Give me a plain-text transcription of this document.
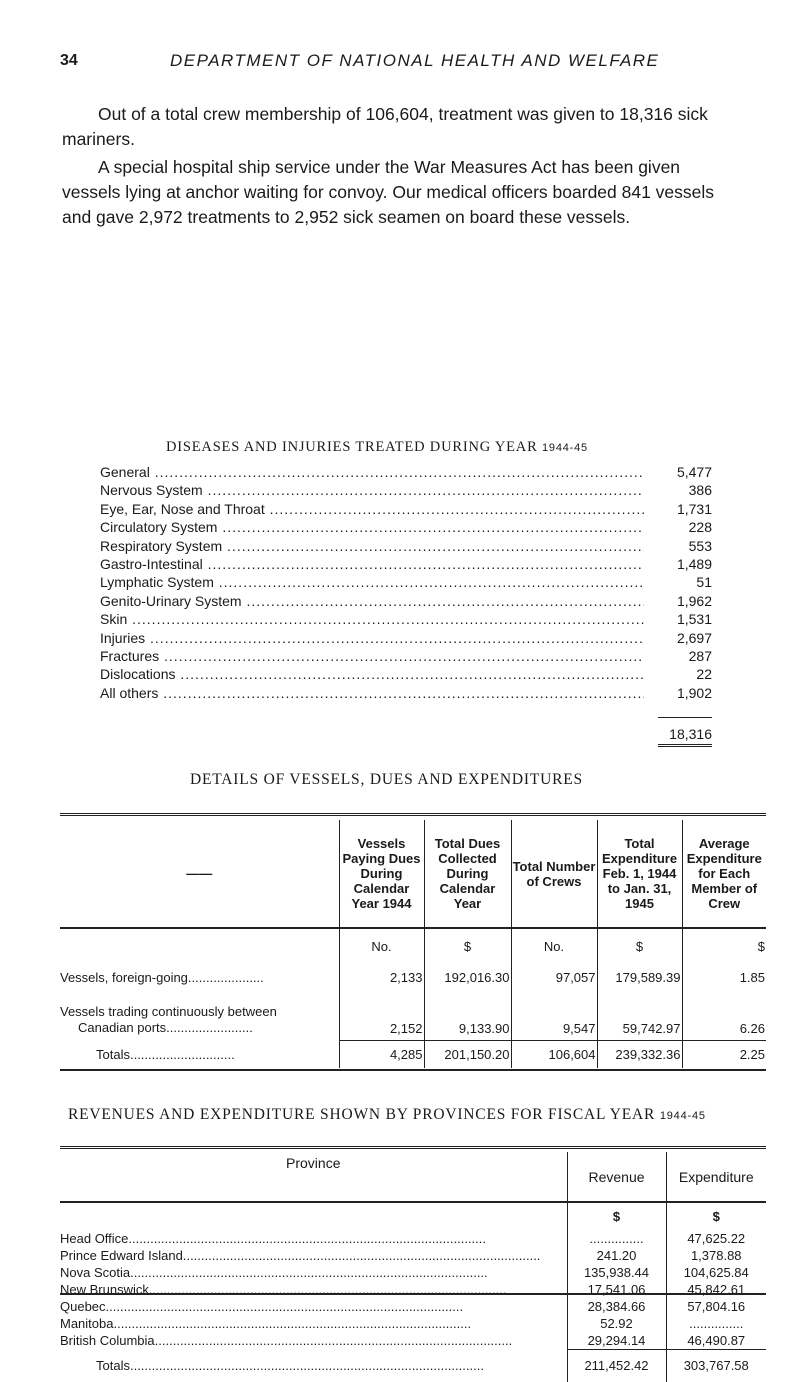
34	DEPARTMENT OF NATIONAL HEALTH AND WELFARE

Out of a total crew membership of 106,604, treatment was given to 18,316 sick mariners.

A special hospital ship service under the War Measures Act has been given vessels lying at anchor waiting for convoy. Our medical officers boarded 841 vessels and gave 2,972 treatments to 2,952 sick seamen on board these vessels.

DISEASES AND INJURIES TREATED DURING YEAR 1944-45
General .....	5,477
Nervous System .....	386
Eye, Ear, Nose and Throat .....	1,731
Circulatory System .....	228
Respiratory System .....	553
Gastro-Intestinal .....	1,489
Lymphatic System .....	51
Genito-Urinary System .....	1,962
Skin .....	1,531
Injuries .....	2,697
Fractures .....	287
Dislocations .....	22
All others .....	1,902
18,316
DETAILS OF VESSELS, DUES AND EXPENDITURES
——	Vessels Paying Dues During Calendar Year 1944	Total Dues Collected During Calendar Year	Total Number of Crews	Total Expenditure Feb. 1, 1944 to Jan. 31, 1945	Average Expenditure for Each Member of Crew
	No.	$	No.	$	$
Vessels, foreign-going.....................	2,133	192,016.30	97,057	179,589.39	1.85

Vessels trading continuously between
Canadian ports........................	2,152	9,133.90	9,547	59,742.97	6.26
Totals.............................	4,285	201,150.20	106,604	239,332.36	2.25
REVENUES AND EXPENDITURE SHOWN BY PROVINCES FOR FISCAL YEAR 1944-45
Province	Revenue	Expenditure
	$	$
Head Office...................................................................................................	...............	47,625.22
Prince Edward Island...................................................................................................	241.20	1,378.88
Nova Scotia...................................................................................................	135,938.44	104,625.84
New Brunswick...................................................................................................	17,541.06	45,842.61
Quebec...................................................................................................	28,384.66	57,804.16
Manitoba...................................................................................................	52.92	...............
British Columbia...................................................................................................	29,294.14	46,490.87
Totals..................................................................................................	211,452.42	303,767.58
